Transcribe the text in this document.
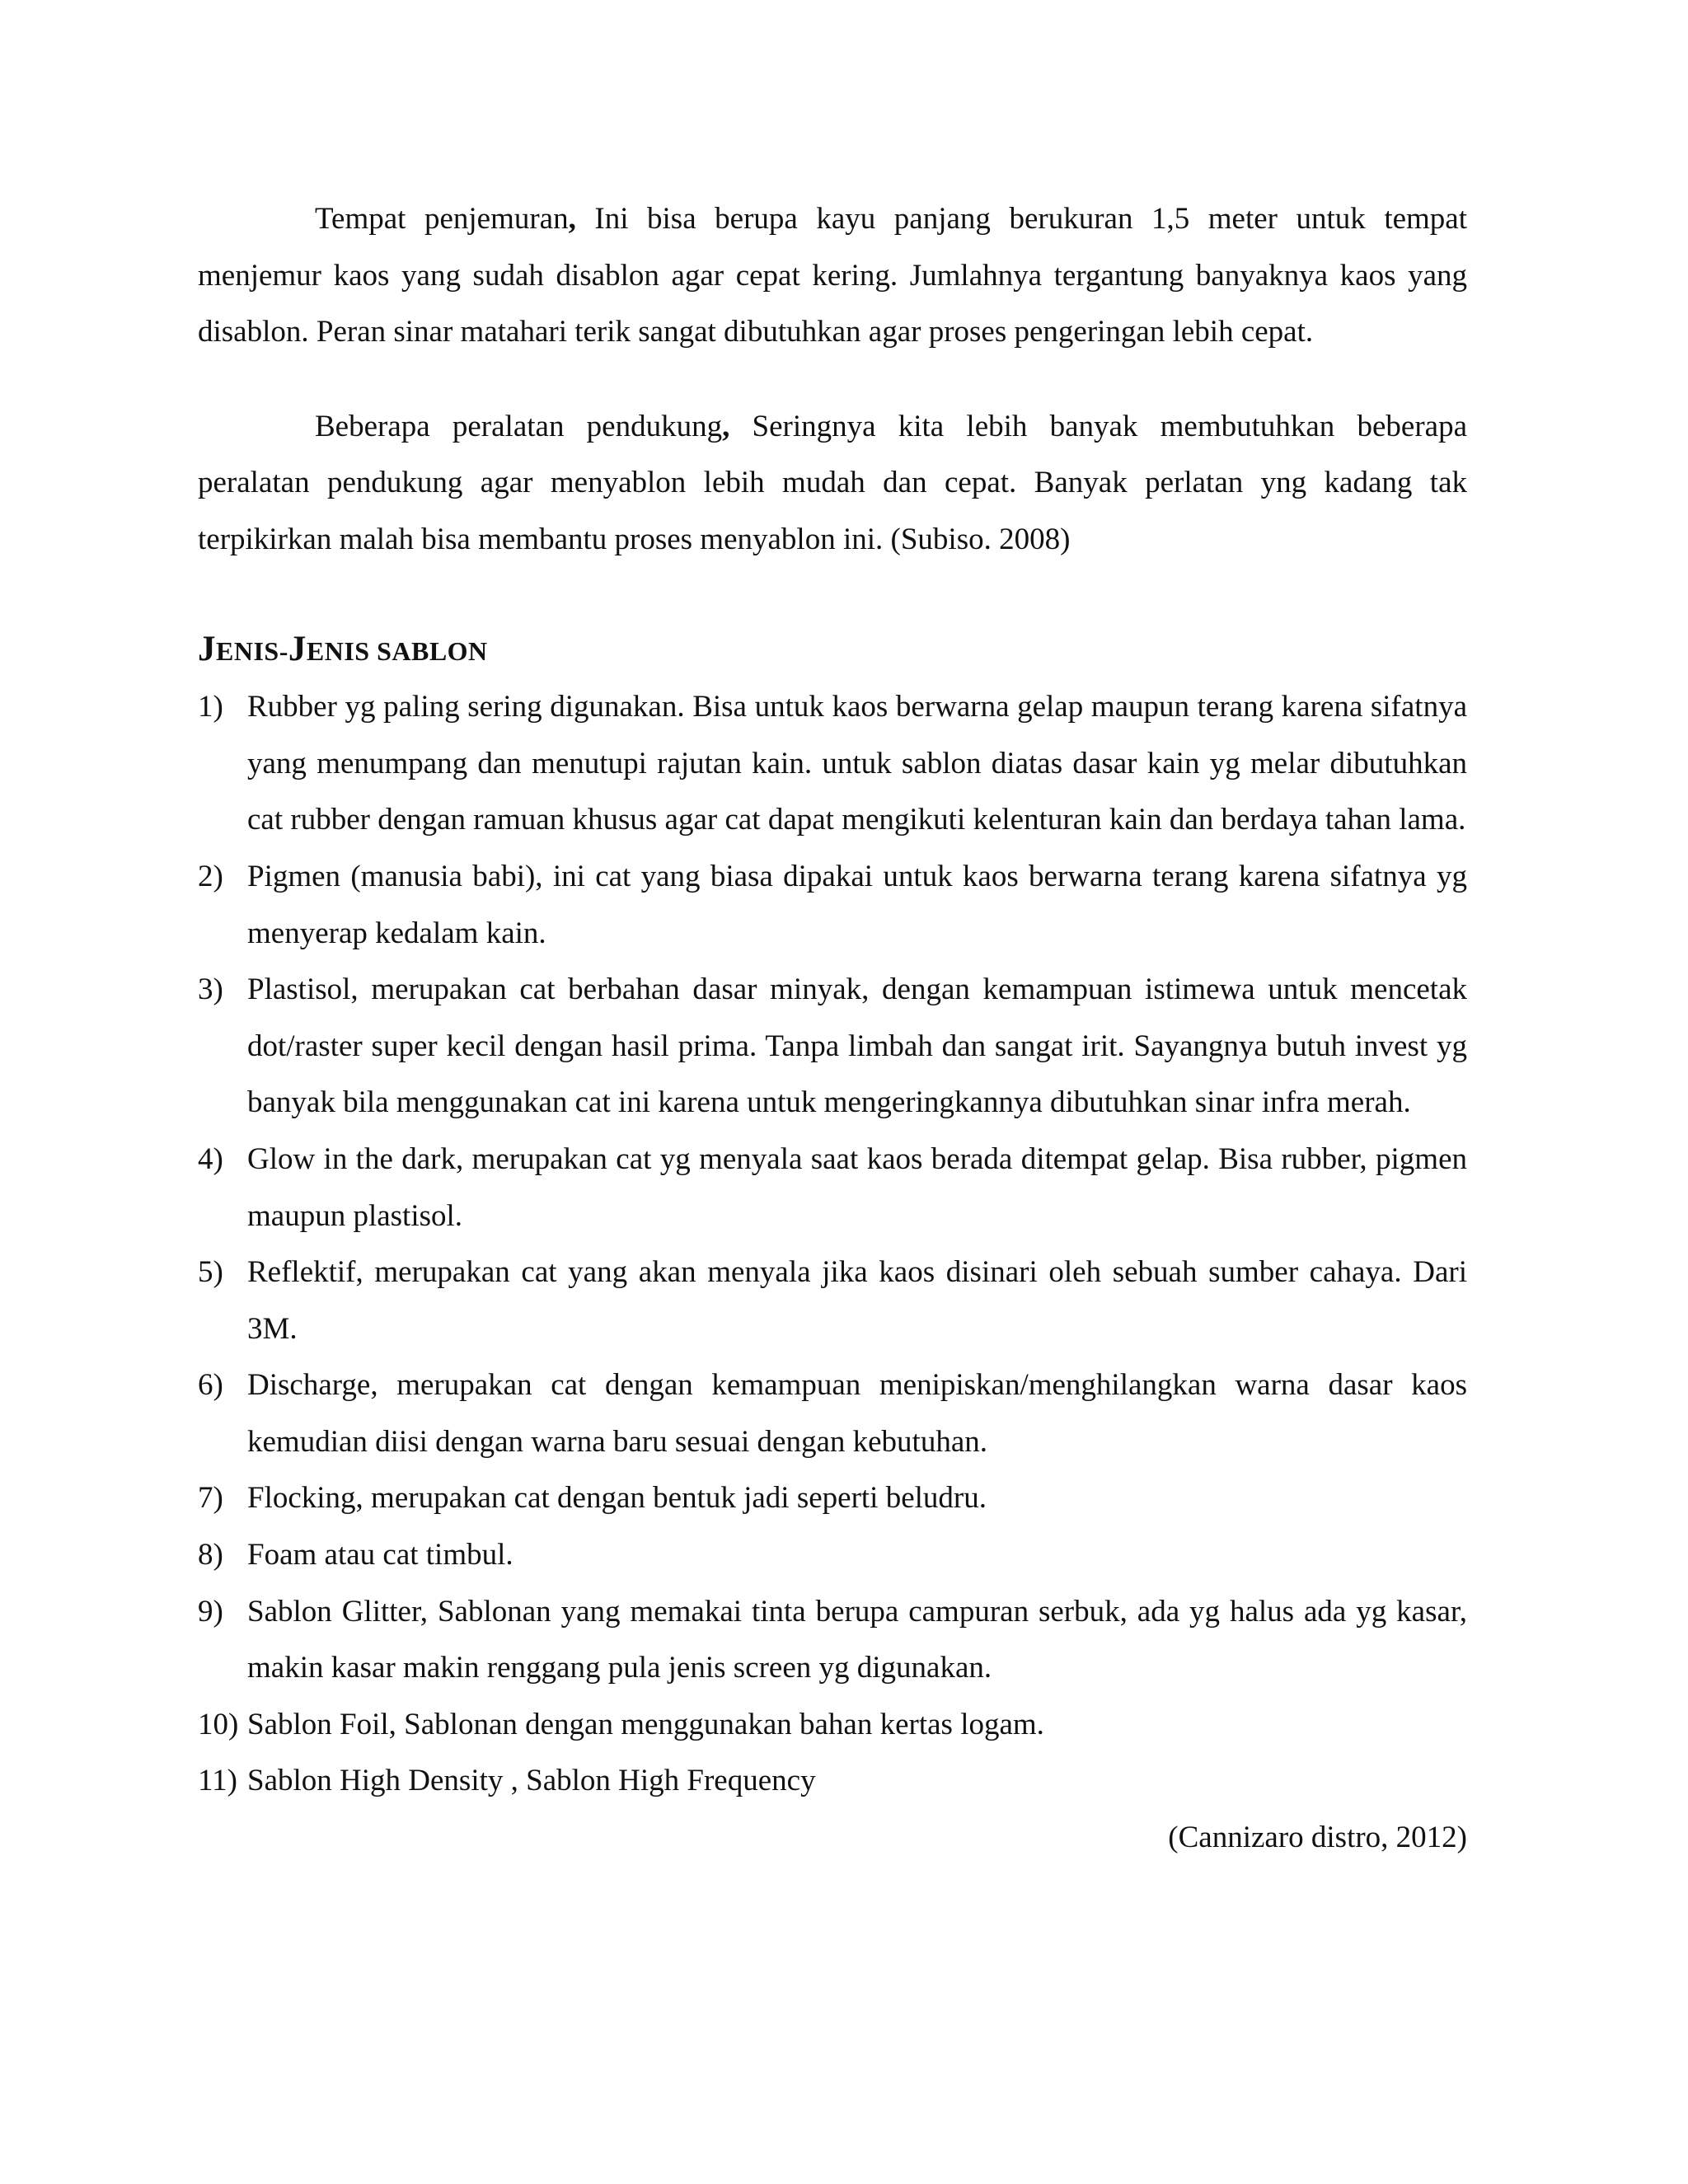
Tempat penjemuran, Ini bisa berupa kayu panjang berukuran 1,5 meter untuk tempat menjemur kaos yang sudah disablon agar cepat kering. Jumlahnya tergantung banyaknya kaos yang disablon. Peran sinar matahari terik sangat dibutuhkan agar proses pengeringan lebih cepat.

Beberapa peralatan pendukung, Seringnya kita lebih banyak membutuhkan beberapa peralatan pendukung agar menyablon lebih mudah dan cepat. Banyak perlatan yng kadang tak terpikirkan malah bisa membantu proses menyablon ini. (Subiso. 2008)

JENIS-JENIS SABLON
1) Rubber yg paling sering digunakan. Bisa untuk kaos berwarna gelap maupun terang karena sifatnya yang menumpang dan menutupi rajutan kain. untuk sablon diatas dasar kain yg melar dibutuhkan cat rubber dengan ramuan khusus agar cat dapat mengikuti kelenturan kain dan berdaya tahan lama.
2) Pigmen (manusia babi), ini cat yang biasa dipakai untuk kaos berwarna terang karena sifatnya yg menyerap kedalam kain.
3) Plastisol, merupakan cat berbahan dasar minyak, dengan kemampuan istimewa untuk mencetak dot/raster super kecil dengan hasil prima. Tanpa limbah dan sangat irit. Sayangnya butuh invest yg banyak bila menggunakan cat ini karena untuk mengeringkannya dibutuhkan sinar infra merah.
4) Glow in the dark, merupakan cat yg menyala saat kaos berada ditempat gelap. Bisa rubber, pigmen maupun plastisol.
5) Reflektif, merupakan cat yang akan menyala jika kaos disinari oleh sebuah sumber cahaya. Dari 3M.
6) Discharge, merupakan cat dengan kemampuan menipiskan/menghilangkan warna dasar kaos kemudian diisi dengan warna baru sesuai dengan kebutuhan.
7) Flocking, merupakan cat dengan bentuk jadi seperti beludru.
8) Foam atau cat timbul.
9) Sablon Glitter, Sablonan yang memakai tinta berupa campuran serbuk, ada yg halus ada yg kasar, makin kasar makin renggang pula jenis screen yg digunakan.
10) Sablon Foil, Sablonan dengan menggunakan bahan kertas logam.
11) Sablon High Density , Sablon High Frequency

(Cannizaro distro, 2012)
